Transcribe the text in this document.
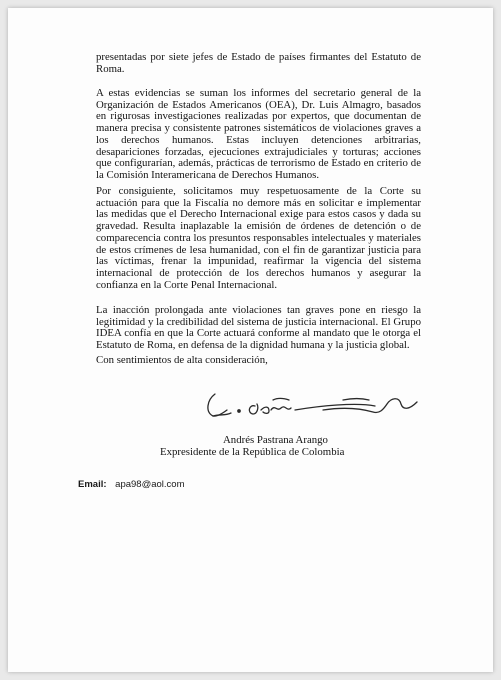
presentadas por siete jefes de Estado de países firmantes del Estatuto de Roma.

A estas evidencias se suman los informes del secretario general de la Organización de Estados Americanos (OEA), Dr. Luis Almagro, basados en rigurosas investigaciones realizadas por expertos, que documentan de manera precisa y consistente patrones sistemáticos de violaciones graves a los derechos humanos. Estas incluyen detenciones arbitrarias, desapariciones forzadas, ejecuciones extrajudiciales y torturas; acciones que configurarían, además, prácticas de terrorismo de Estado en criterio de la Comisión Interamericana de Derechos Humanos.

Por consiguiente, solicitamos muy respetuosamente de la Corte su actuación para que la Fiscalía no demore más en solicitar e implementar las medidas que el Derecho Internacional exige para estos casos y dada su gravedad. Resulta inaplazable la emisión de órdenes de detención o de comparecencia contra los presuntos responsables intelectuales y materiales de estos crímenes de lesa humanidad, con el fin de garantizar justicia para las víctimas, frenar la impunidad, reafirmar la vigencia del sistema internacional de protección de los derechos humanos y asegurar la confianza en la Corte Penal Internacional.

La inacción prolongada ante violaciones tan graves pone en riesgo la legitimidad y la credibilidad del sistema de justicia internacional. El Grupo IDEA confía en que la Corte actuará conforme al mandato que le otorga el Estatuto de Roma, en defensa de la dignidad humana y la justicia global.

Con sentimientos de alta consideración,

Andrés Pastrana Arango
Expresidente de la República de Colombia
Email: apa98@aol.com
